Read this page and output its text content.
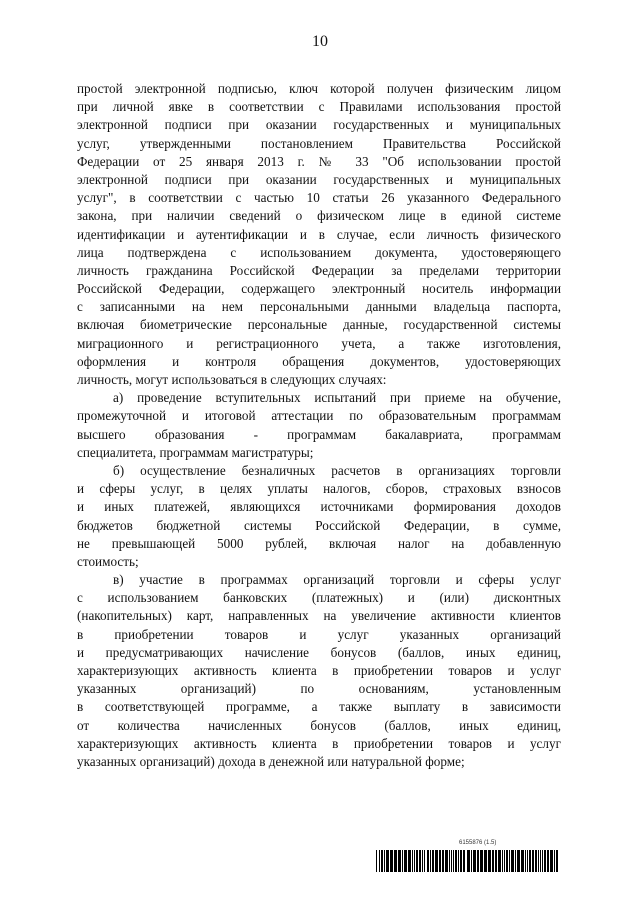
10
простой электронной подписью, ключ которой получен физическим лицом
при личной явке в соответствии с Правилами использования простой
электронной подписи при оказании государственных и муниципальных
услуг, утвержденными постановлением Правительства Российской
Федерации от 25 января 2013 г. № 33 "Об использовании простой
электронной подписи при оказании государственных и муниципальных
услуг", в соответствии с частью 10 статьи 26 указанного Федерального
закона, при наличии сведений о физическом лице в единой системе
идентификации и аутентификации и в случае, если личность физического
лица подтверждена с использованием документа, удостоверяющего
личность гражданина Российской Федерации за пределами территории
Российской Федерации, содержащего электронный носитель информации
с записанными на нем персональными данными владельца паспорта,
включая биометрические персональные данные, государственной системы
миграционного и регистрационного учета, а также изготовления,
оформления и контроля обращения документов, удостоверяющих
личность, могут использоваться в следующих случаях:
а) проведение вступительных испытаний при приеме на обучение,
промежуточной и итоговой аттестации по образовательным программам
высшего образования - программам бакалавриата, программам
специалитета, программам магистратуры;
б) осуществление безналичных расчетов в организациях торговли
и сферы услуг, в целях уплаты налогов, сборов, страховых взносов
и иных платежей, являющихся источниками формирования доходов
бюджетов бюджетной системы Российской Федерации, в сумме,
не превышающей 5000 рублей, включая налог на добавленную
стоимость;
в) участие в программах организаций торговли и сферы услуг
с использованием банковских (платежных) и (или) дисконтных
(накопительных) карт, направленных на увеличение активности клиентов
в приобретении товаров и услуг указанных организаций
и предусматривающих начисление бонусов (баллов, иных единиц,
характеризующих активность клиента в приобретении товаров и услуг
указанных организаций) по основаниям, установленным
в соответствующей программе, а также выплату в зависимости
от количества начисленных бонусов (баллов, иных единиц,
характеризующих активность клиента в приобретении товаров и услуг
указанных организаций) дохода в денежной или натуральной форме;
6155876 (1.5)
